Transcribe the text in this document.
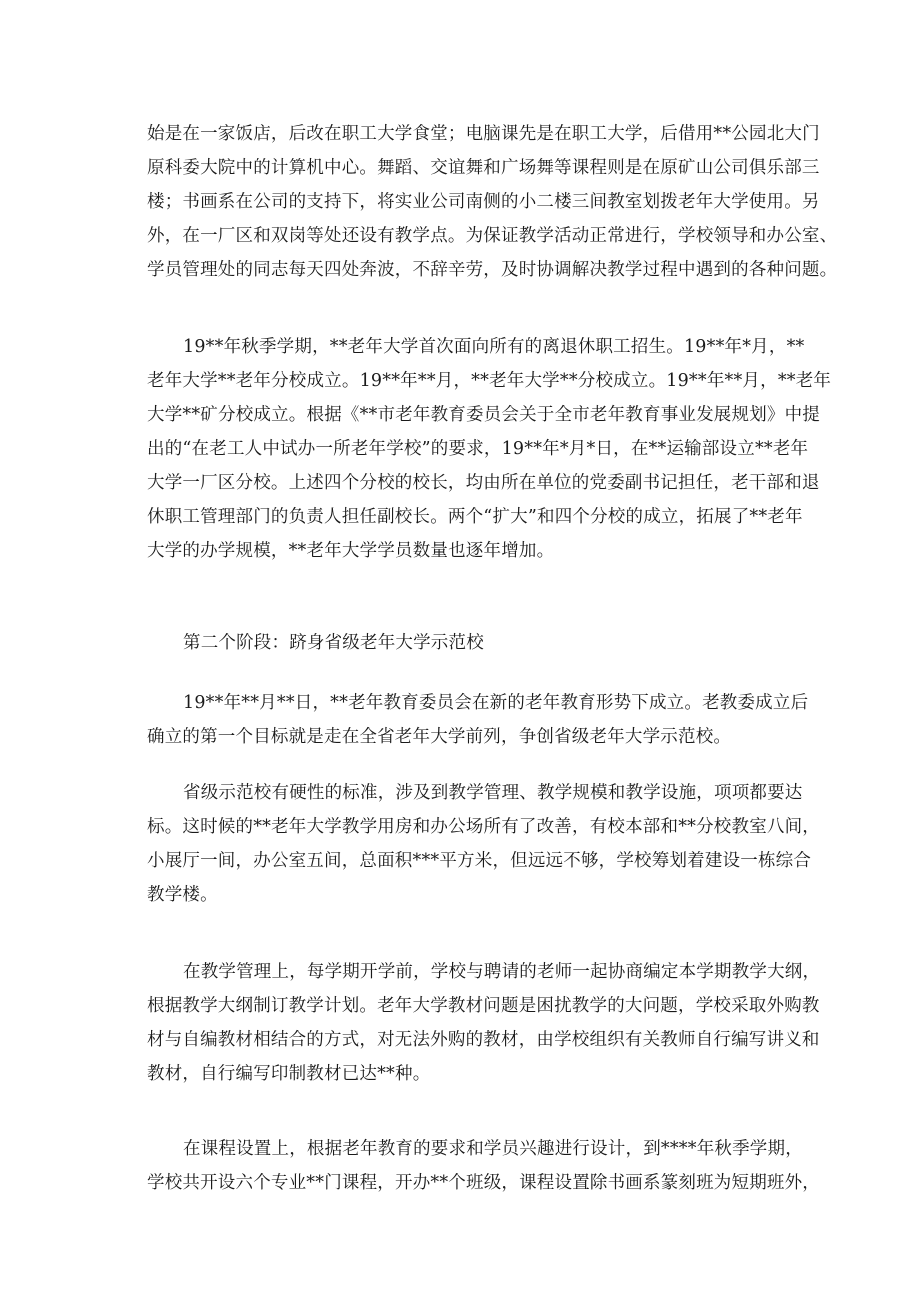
始是在一家饭店，后改在职工大学食堂；电脑课先是在职工大学，后借用**公园北大门
原科委大院中的计算机中心。舞蹈、交谊舞和广场舞等课程则是在原矿山公司俱乐部三
楼；书画系在公司的支持下，将实业公司南侧的小二楼三间教室划拨老年大学使用。另
外，在一厂区和双岗等处还设有教学点。为保证教学活动正常进行，学校领导和办公室、
学员管理处的同志每天四处奔波，不辞辛劳，及时协调解决教学过程中遇到的各种问题。
19**年秋季学期，**老年大学首次面向所有的离退休职工招生。19**年*月，**
老年大学**老年分校成立。19**年**月，**老年大学**分校成立。19**年**月，**老年
大学**矿分校成立。根据《**市老年教育委员会关于全市老年教育事业发展规划》中提
出的“在老工人中试办一所老年学校”的要求，19**年*月*日，在**运输部设立**老年
大学一厂区分校。上述四个分校的校长，均由所在单位的党委副书记担任，老干部和退
休职工管理部门的负责人担任副校长。两个“扩大”和四个分校的成立，拓展了**老年
大学的办学规模，**老年大学学员数量也逐年增加。
第二个阶段：跻身省级老年大学示范校
19**年**月**日，**老年教育委员会在新的老年教育形势下成立。老教委成立后
确立的第一个目标就是走在全省老年大学前列，争创省级老年大学示范校。
省级示范校有硬性的标准，涉及到教学管理、教学规模和教学设施，项项都要达
标。这时候的**老年大学教学用房和办公场所有了改善，有校本部和**分校教室八间，
小展厅一间，办公室五间，总面积***平方米，但远远不够，学校筹划着建设一栋综合
教学楼。
在教学管理上，每学期开学前，学校与聘请的老师一起协商编定本学期教学大纲，
根据教学大纲制订教学计划。老年大学教材问题是困扰教学的大问题，学校采取外购教
材与自编教材相结合的方式，对无法外购的教材，由学校组织有关教师自行编写讲义和
教材，自行编写印制教材已达**种。
在课程设置上，根据老年教育的要求和学员兴趣进行设计，到****年秋季学期，
学校共开设六个专业**门课程，开办**个班级，课程设置除书画系篆刻班为短期班外，
